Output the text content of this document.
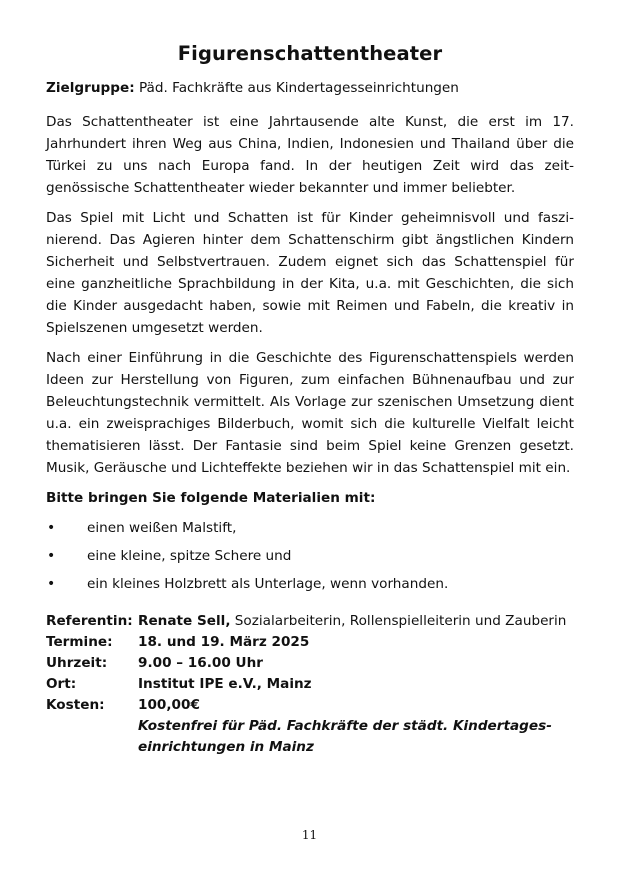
Figurenschattentheater
Zielgruppe: Päd. Fachkräfte aus Kindertagesseinrichtungen

Das Schattentheater ist eine Jahrtausende alte Kunst, die erst im 17. Jahrhundert ihren Weg aus China, Indien, Indonesien und Thailand über die Türkei zu uns nach Europa fand. In der heutigen Zeit wird das zeitgenössische Schattentheater wieder bekannter und immer beliebter.

Das Spiel mit Licht und Schatten ist für Kinder geheimnisvoll und faszinierend. Das Agieren hinter dem Schattenschirm gibt ängstlichen Kindern Sicherheit und Selbstvertrauen. Zudem eignet sich das Schattenspiel für eine ganzheitliche Sprachbildung in der Kita, u.a. mit Geschichten, die sich die Kinder ausgedacht haben, sowie mit Reimen und Fabeln, die kreativ in Spielszenen umgesetzt werden.

Nach einer Einführung in die Geschichte des Figurenschattenspiels werden Ideen zur Herstellung von Figuren, zum einfachen Bühnenaufbau und zur Beleuchtungstechnik vermittelt. Als Vorlage zur szenischen Umsetzung dient u.a. ein zweisprachiges Bilderbuch, womit sich die kulturelle Vielfalt leicht thematisieren lässt. Der Fantasie sind beim Spiel keine Grenzen gesetzt. Musik, Geräusche und Lichteffekte beziehen wir in das Schattenspiel mit ein.

Bitte bringen Sie folgende Materialien mit:
• einen weißen Malstift,
• eine kleine, spitze Schere und
• ein kleines Holzbrett als Unterlage, wenn vorhanden.
Referentin: Renate Sell, Sozialarbeiterin, Rollenspielleiterin und Zauberin
Termine:	18. und 19. März 2025
Uhrzeit:	9.00 – 16.00 Uhr
Ort:	Institut IPE e.V., Mainz
Kosten:	100,00€
Kostenfrei für Päd. Fachkräfte der städt. Kindertageseinrichtungen in Mainz
11
